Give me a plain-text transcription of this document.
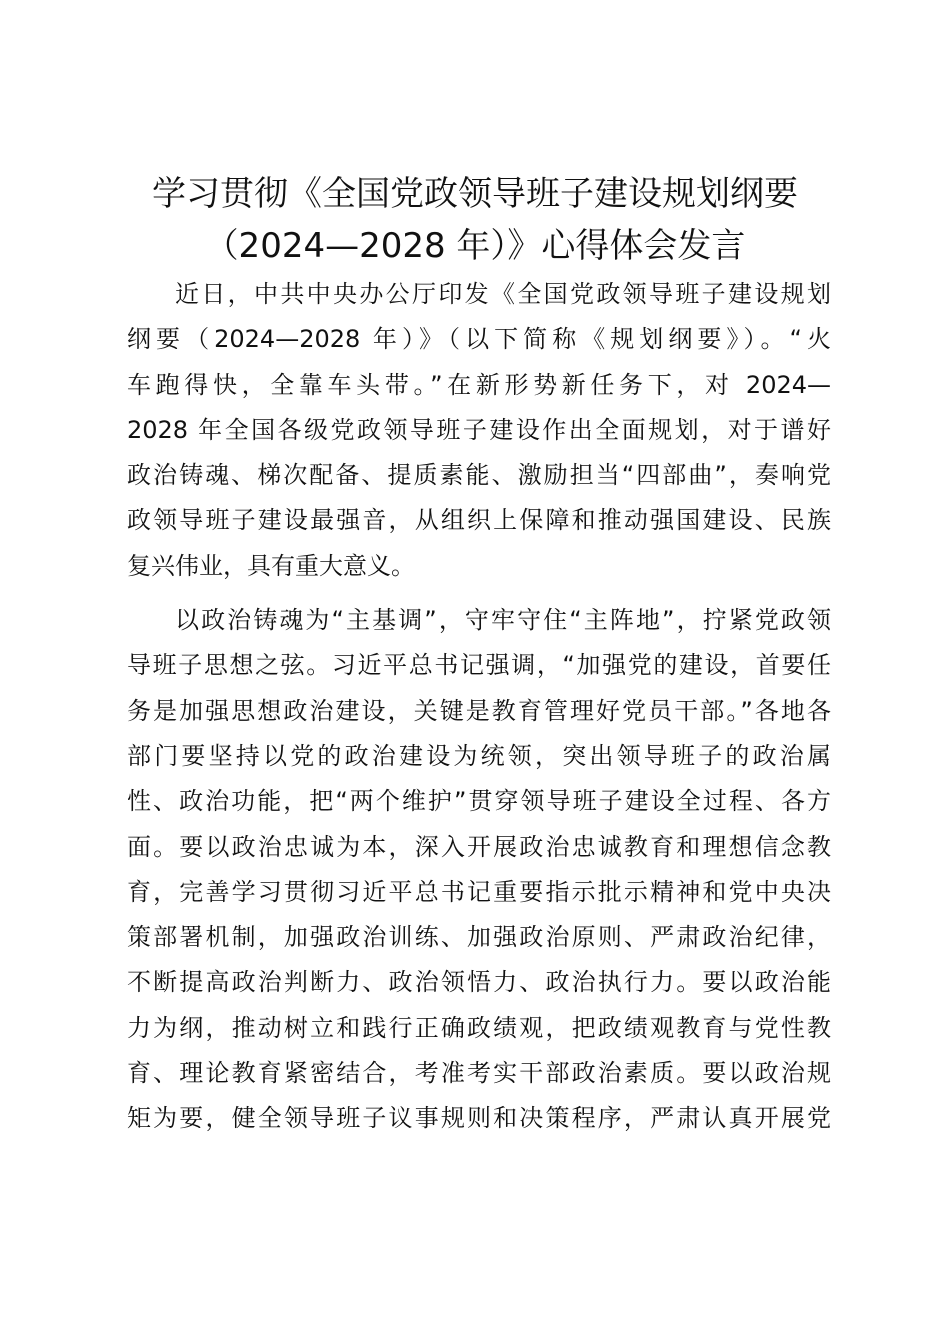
学习贯彻《全国党政领导班子建设规划纲要
（2024—2028 年）》心得体会发言

近日，中共中央办公厅印发《全国党政领导班子建设规划
纲要（2024—2028 年）》（以下简称《规划纲要》）。“火
车跑得快，全靠车头带。”在新形势新任务下，对 2024—
2028 年全国各级党政领导班子建设作出全面规划，对于谱好
政治铸魂、梯次配备、提质素能、激励担当“四部曲”，奏响党
政领导班子建设最强音，从组织上保障和推动强国建设、民族
复兴伟业，具有重大意义。

以政治铸魂为“主基调”，守牢守住“主阵地”，拧紧党政领
导班子思想之弦。习近平总书记强调，“加强党的建设，首要任
务是加强思想政治建设，关键是教育管理好党员干部。”各地各
部门要坚持以党的政治建设为统领，突出领导班子的政治属
性、政治功能，把“两个维护”贯穿领导班子建设全过程、各方
面。要以政治忠诚为本，深入开展政治忠诚教育和理想信念教
育，完善学习贯彻习近平总书记重要指示批示精神和党中央决
策部署机制，加强政治训练、加强政治原则、严肃政治纪律，
不断提高政治判断力、政治领悟力、政治执行力。要以政治能
力为纲，推动树立和践行正确政绩观，把政绩观教育与党性教
育、理论教育紧密结合，考准考实干部政治素质。要以政治规
矩为要，健全领导班子议事规则和决策程序，严肃认真开展党
